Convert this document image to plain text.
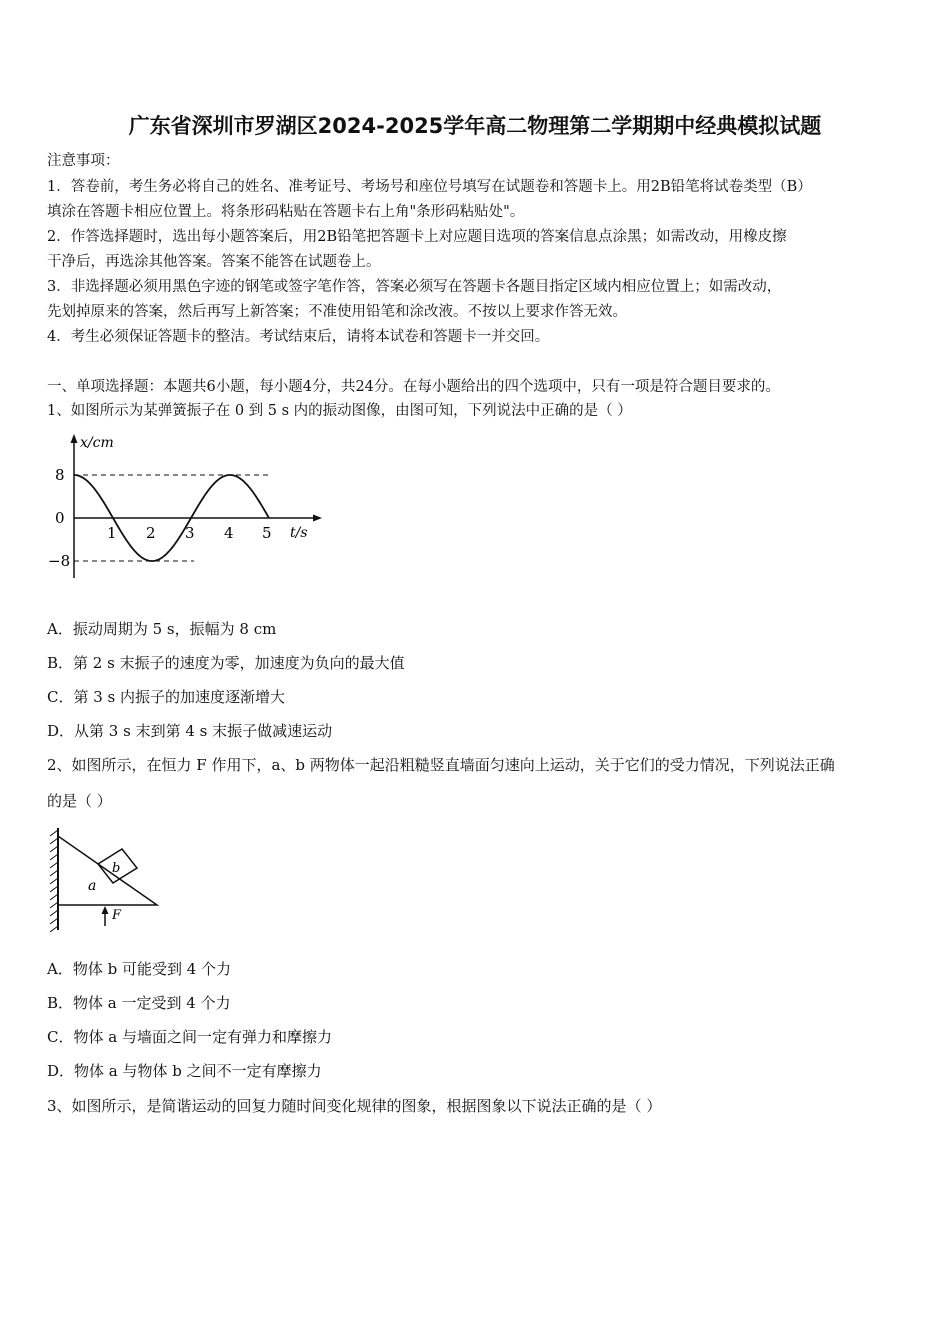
广东省深圳市罗湖区2024-2025学年高二物理第二学期期中经典模拟试题
注意事项：
1．答卷前，考生务必将自己的姓名、准考证号、考场号和座位号填写在试题卷和答题卡上。用2B铅笔将试卷类型（B）
填涂在答题卡相应位置上。将条形码粘贴在答题卡右上角"条形码粘贴处"。
2．作答选择题时，选出每小题答案后，用2B铅笔把答题卡上对应题目选项的答案信息点涂黑；如需改动，用橡皮擦
干净后，再选涂其他答案。答案不能答在试题卷上。
3．非选择题必须用黑色字迹的钢笔或签字笔作答，答案必须写在答题卡各题目指定区域内相应位置上；如需改动，
先划掉原来的答案，然后再写上新答案；不准使用铅笔和涂改液。不按以上要求作答无效。
4．考生必须保证答题卡的整洁。考试结束后，请将本试卷和答题卡一并交回。
一、单项选择题：本题共6小题，每小题4分，共24分。在每小题给出的四个选项中，只有一项是符合题目要求的。
1、如图所示为某弹簧振子在 0 到 5 s 内的振动图像，由图可知，下列说法中正确的是（ ）
x/cm
t/s
8
0
−8
1 2 3 4 5
A．振动周期为 5 s，振幅为 8 cm
B．第 2 s 末振子的速度为零，加速度为负向的最大值
C．第 3 s 内振子的加速度逐渐增大
D．从第 3 s 末到第 4 s 末振子做减速运动
2、如图所示，在恒力 F 作用下，a、b 两物体一起沿粗糙竖直墙面匀速向上运动，关于它们的受力情况，下列说法正确
的是（ ）
a
b
F
A．物体 b 可能受到 4 个力
B．物体 a 一定受到 4 个力
C．物体 a 与墙面之间一定有弹力和摩擦力
D．物体 a 与物体 b 之间不一定有摩擦力
3、如图所示，是简谐运动的回复力随时间变化规律的图象，根据图象以下说法正确的是（ ）
